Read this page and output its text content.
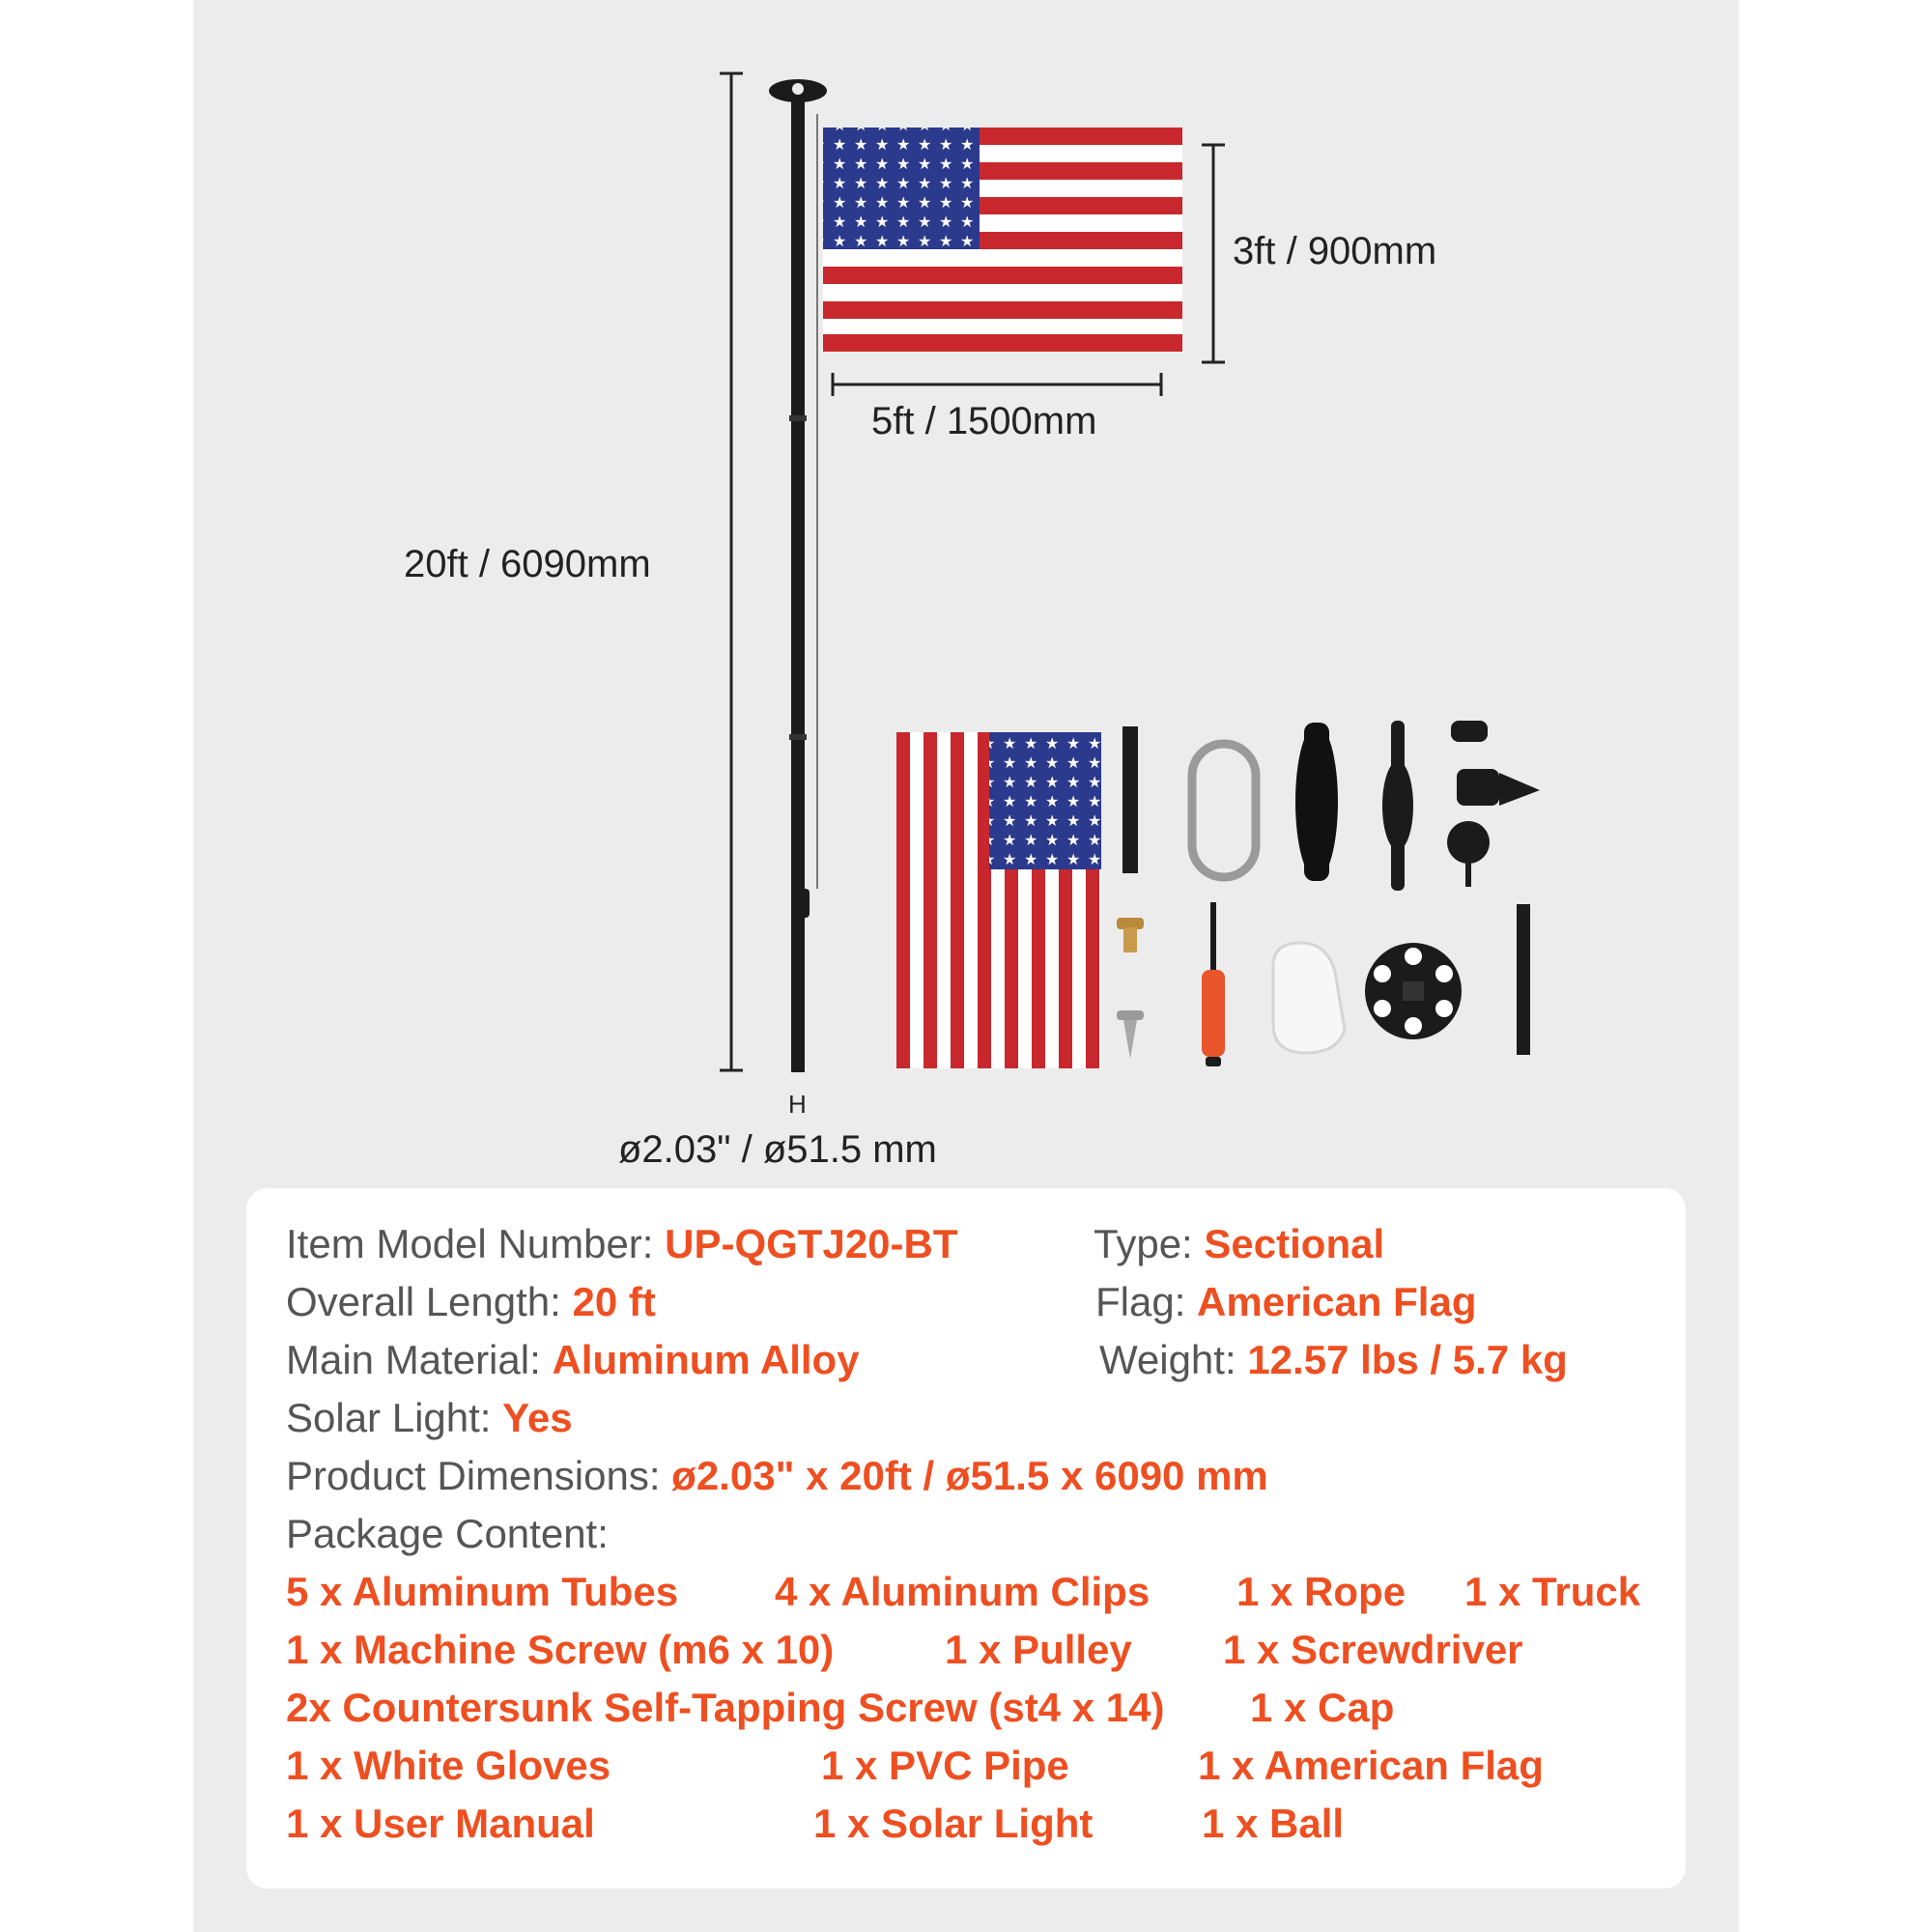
20ft / 6090mm
3ft / 900mm
5ft / 1500mm
H
ø2.03" / ø51.5 mm
Item Model Number: UP-QGTJ20-BT	Type: Sectional
Overall Length: 20 ft	Flag: American Flag
Main Material: Aluminum Alloy	Weight: 12.57 lbs / 5.7 kg
Solar Light: Yes
Product Dimensions: ø2.03" x 20ft / ø51.5 x 6090 mm
Package Content:
5 x Aluminum Tubes 4 x Aluminum Clips 1 x Rope 1 x Truck
1 x Machine Screw (m6 x 10)	1 x Pulley 1 x Screwdriver
2x Countersunk Self-Tapping Screw (st4 x 14) 1 x Cap
1 x White Gloves	1 x PVC Pipe	1 x American Flag
1 x User Manual	1 x Solar Light	1 x Ball
